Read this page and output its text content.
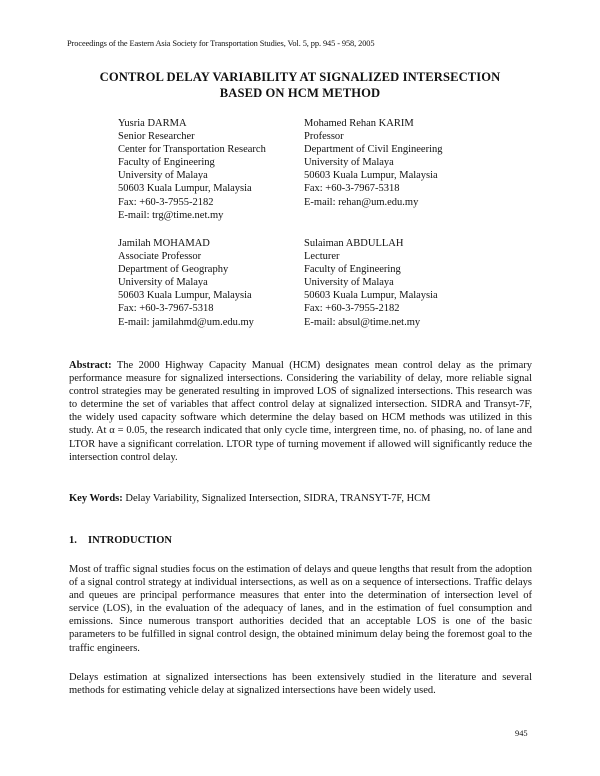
Proceedings of the Eastern Asia Society for Transportation Studies, Vol. 5, pp. 945 - 958, 2005
CONTROL DELAY VARIABILITY AT SIGNALIZED INTERSECTION
BASED ON HCM METHOD
Yusria DARMA
Senior Researcher
Center for Transportation Research
Faculty of Engineering
University of Malaya
50603 Kuala Lumpur, Malaysia
Fax: +60-3-7955-2182
E-mail: trg@time.net.my
Mohamed Rehan KARIM
Professor
Department of Civil Engineering
University of Malaya
50603 Kuala Lumpur, Malaysia
Fax: +60-3-7967-5318
E-mail: rehan@um.edu.my
Jamilah MOHAMAD
Associate Professor
Department of Geography
University of Malaya
50603 Kuala Lumpur, Malaysia
Fax: +60-3-7967-5318
E-mail: jamilahmd@um.edu.my
Sulaiman ABDULLAH
Lecturer
Faculty of Engineering
University of Malaya
50603 Kuala Lumpur, Malaysia
Fax: +60-3-7955-2182
E-mail: absul@time.net.my
Abstract: The 2000 Highway Capacity Manual (HCM) designates mean control delay as the primary performance measure for signalized intersections. Considering the variability of delay, more reliable signal control strategies may be generated resulting in improved LOS of signalized intersections. This research was to determine the set of variables that affect control delay at signalized intersection. SIDRA and Transyt-7F, the widely used capacity software which determine the delay based on HCM methods was utilized in this study. At α = 0.05, the research indicated that only cycle time, intergreen time, no. of phasing, no. of lane and LTOR have a significant correlation. LTOR type of turning movement if allowed will significantly reduce the intersection control delay.
Key Words: Delay Variability, Signalized Intersection, SIDRA, TRANSYT-7F, HCM
1. INTRODUCTION
Most of traffic signal studies focus on the estimation of delays and queue lengths that result from the adoption of a signal control strategy at individual intersections, as well as on a sequence of intersections. Traffic delays and queues are principal performance measures that enter into the determination of intersection level of service (LOS), in the evaluation of the adequacy of lanes, and in the estimation of fuel consumption and emissions. Since numerous transport authorities decided that an acceptable LOS is one of the basic parameters to be fulfilled in signal control design, the obtained minimum delay being the foremost goal to the traffic engineers.
Delays estimation at signalized intersections has been extensively studied in the literature and several methods for estimating vehicle delay at signalized intersections have been widely used.
945
